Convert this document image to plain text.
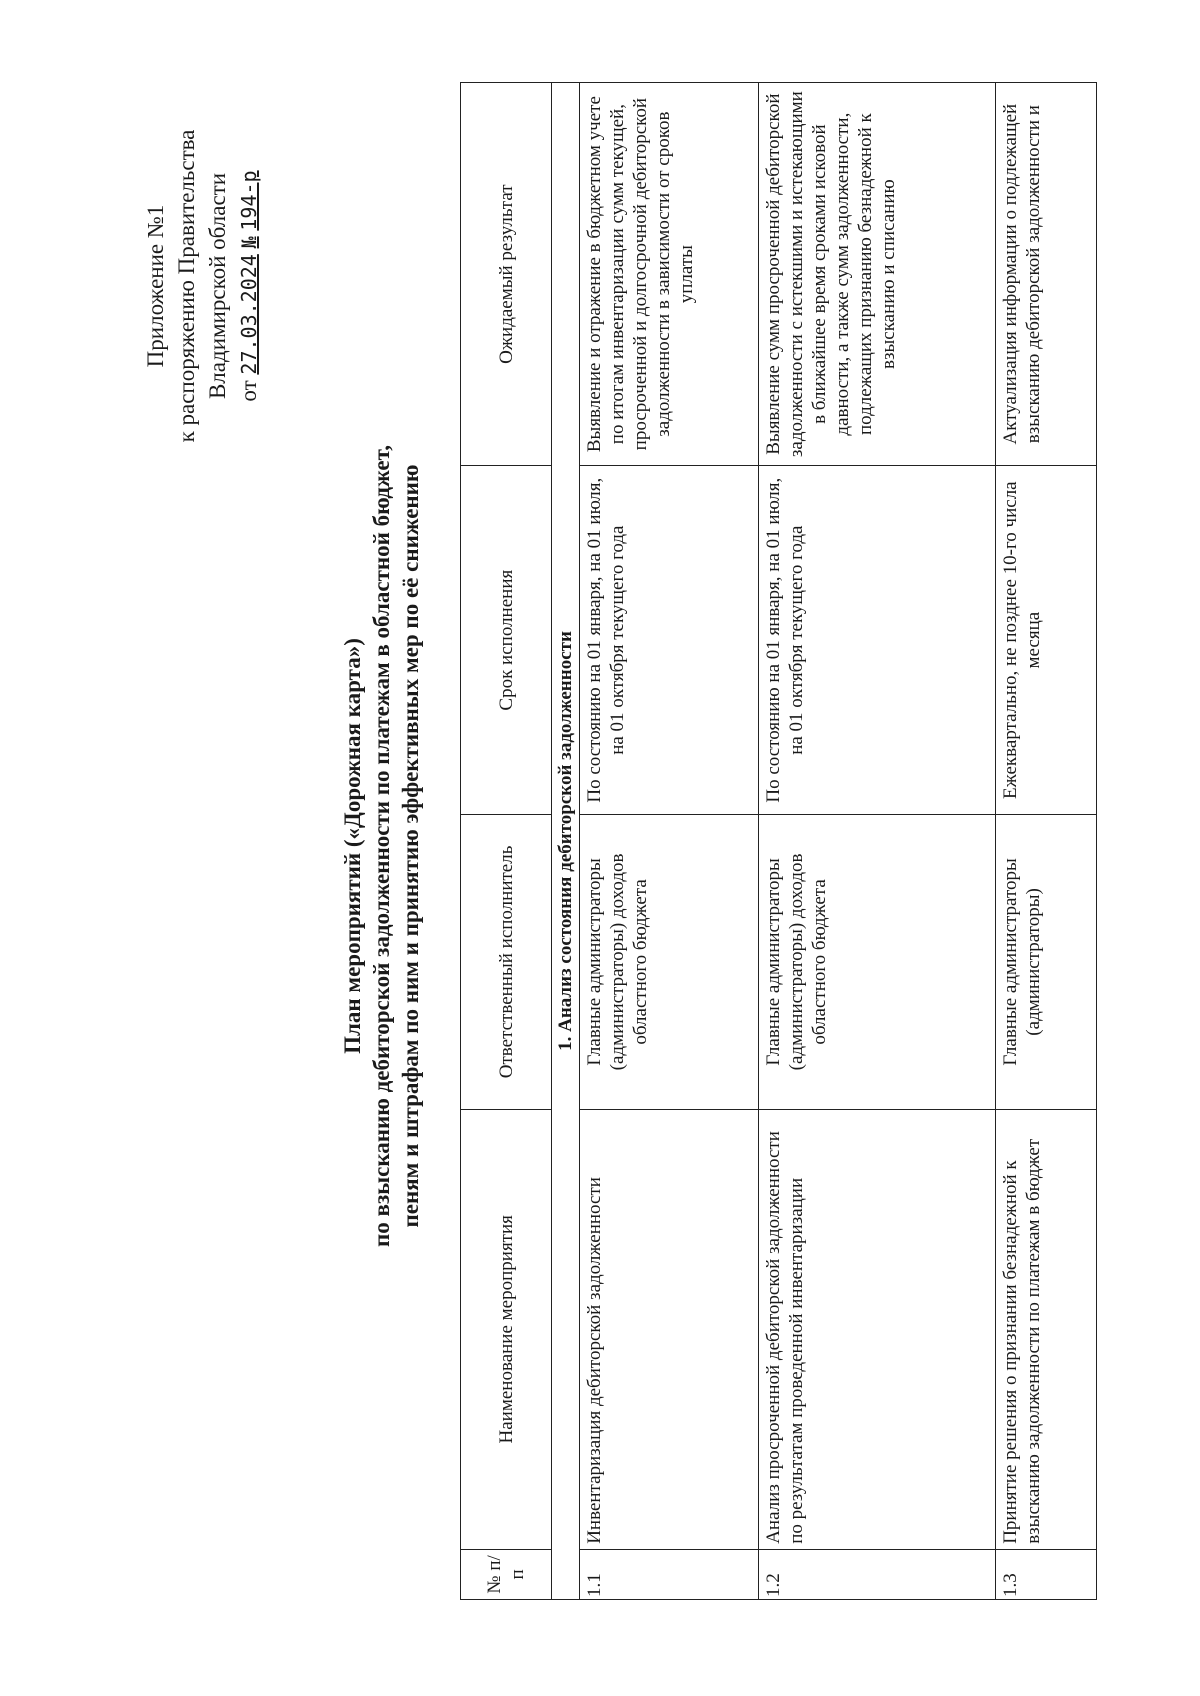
Приложение №1 к распоряжению Правительства Владимирской области от 27.03.2024 № 194-р
План мероприятий («Дорожная карта») по взысканию дебиторской задолженности по платежам в областной бюджет, пеням и штрафам по ним и принятию эффективных мер по её снижению
№ п/п	Наименование мероприятия	Ответственный исполнитель	Срок исполнения	Ожидаемый результат
1. Анализ состояния дебиторской задолженности				
1.1	Инвентаризация дебиторской задолженности	Главные администраторы (администраторы) доходов областного бюджета	По состоянию на 01 января, на 01 июля, на 01 октября текущего года	Выявление и отражение в бюджетном учете по итогам инвентаризации сумм текущей, просроченной и долгосрочной дебиторской задолженности в зависимости от сроков уплаты
1.2	Анализ просроченной дебиторской задолженности по результатам проведенной инвентаризации	Главные администраторы (администраторы) доходов областного бюджета	По состоянию на 01 января, на 01 июля, на 01 октября текущего года	Выявление сумм просроченной дебиторской задолженности с истекшими и истекающими в ближайшее время сроками исковой давности, а также сумм задолженности, подлежащих признанию безнадежной к взысканию и списанию
1.3	Принятие решения о признании безнадежной к взысканию задолженности по платежам в бюджет	Главные администраторы (администраторы)	Ежеквартально, не позднее 10-го числа месяца	Актуализация информации о подлежащей взысканию дебиторской задолженности и
